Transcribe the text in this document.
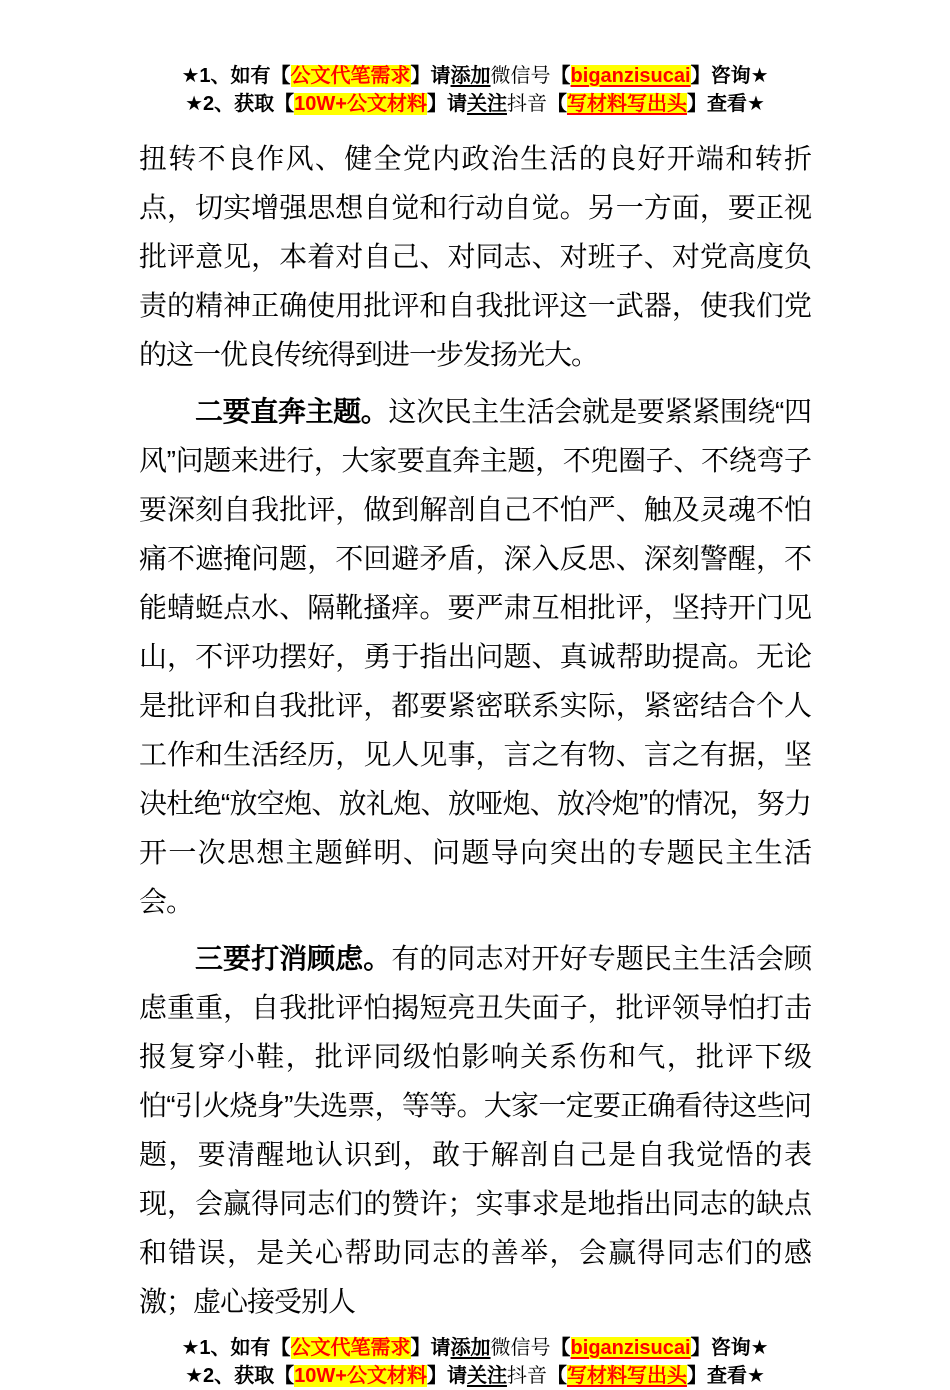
★1、如有【公文代笔需求】请添加微信号【biganzisucai】咨询★
★2、获取【10W+公文材料】请关注抖音【写材料写出头】查看★

扭转不良作风、健全党内政治生活的良好开端和转折点，切实增强思想自觉和行动自觉。另一方面，要正视批评意见，本着对自己、对同志、对班子、对党高度负责的精神正确使用批评和自我批评这一武器，使我们党的这一优良传统得到进一步发扬光大。

二要直奔主题。这次民主生活会就是要紧紧围绕“四风”问题来进行，大家要直奔主题，不兜圈子、不绕弯子要深刻自我批评，做到解剖自己不怕严、触及灵魂不怕痛不遮掩问题，不回避矛盾，深入反思、深刻警醒，不能蜻蜓点水、隔靴搔痒。要严肃互相批评，坚持开门见山，不评功摆好，勇于指出问题、真诚帮助提高。无论是批评和自我批评，都要紧密联系实际，紧密结合个人工作和生活经历，见人见事，言之有物、言之有据，坚决杜绝“放空炮、放礼炮、放哑炮、放冷炮”的情况，努力开一次思想主题鲜明、问题导向突出的专题民主生活会。

三要打消顾虑。有的同志对开好专题民主生活会顾虑重重，自我批评怕揭短亮丑失面子，批评领导怕打击报复穿小鞋，批评同级怕影响关系伤和气，批评下级怕“引火烧身”失选票，等等。大家一定要正确看待这些问题，要清醒地认识到，敢于解剖自己是自我觉悟的表现，会赢得同志们的赞许；实事求是地指出同志的缺点和错误，是关心帮助同志的善举，会赢得同志们的感激；虚心接受别人

★1、如有【公文代笔需求】请添加微信号【biganzisucai】咨询★
★2、获取【10W+公文材料】请关注抖音【写材料写出头】查看★
